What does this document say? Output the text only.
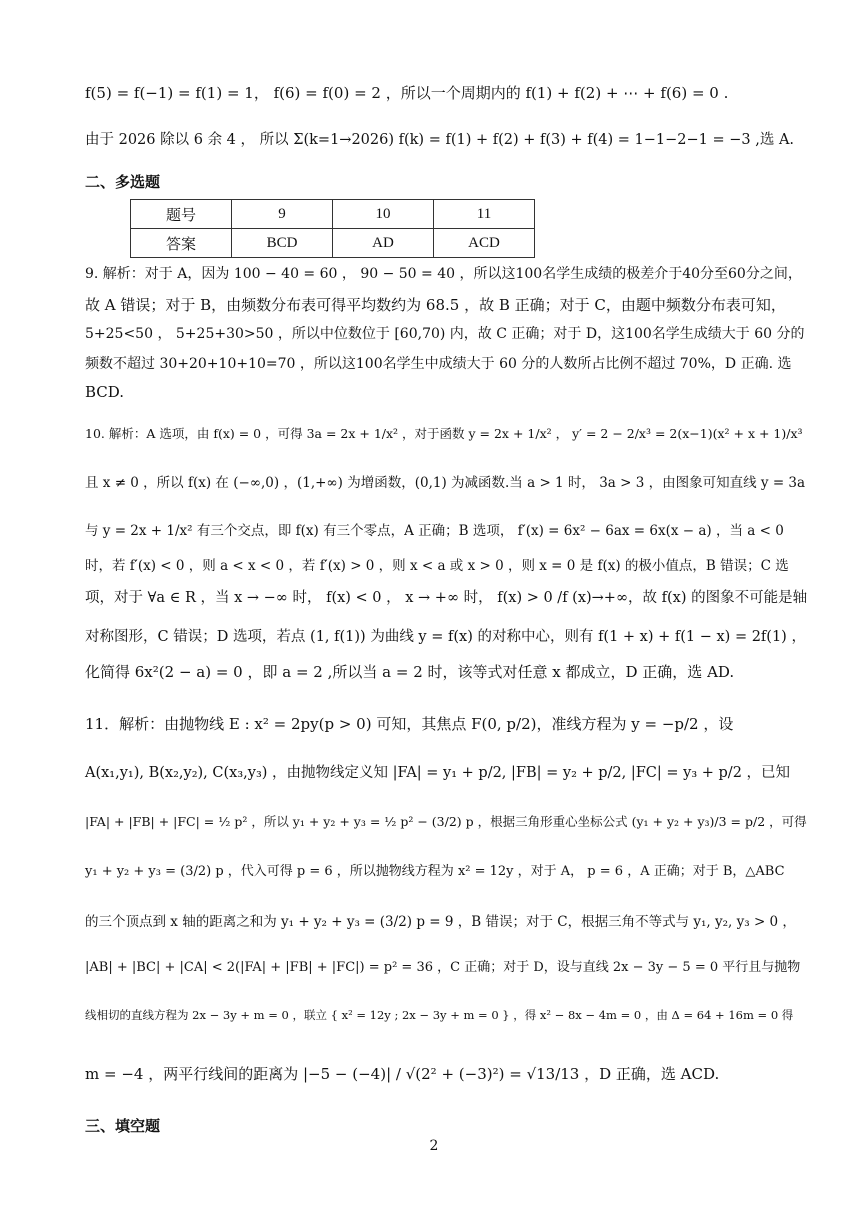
f(5) = f(−1) = f(1) = 1， f(6) = f(0) = 2 ，所以一个周期内的 f(1) + f(2) + ⋯ + f(6) = 0 .
由于 2026 除以 6 余 4 ， 所以 Σ(k=1→2026) f(k) = f(1) + f(2) + f(3) + f(4) = 1−1−2−1 = −3 ,选 A.
二、多选题
题号	9	10	11
答案	BCD	AD	ACD
9. 解析：对于 A，因为 100 − 40 = 60 ， 90 − 50 = 40 ，所以这100名学生成绩的极差介于40分至60分之间，
故 A 错误；对于 B，由频数分布表可得平均数约为 68.5 ，故 B 正确；对于 C，由题中频数分布表可知，
5+25<50 ， 5+25+30>50 ，所以中位数位于 [60,70) 内，故 C 正确；对于 D，这100名学生成绩大于 60 分的
频数不超过 30+20+10+10=70 ，所以这100名学生中成绩大于 60 分的人数所占比例不超过 70%，D 正确. 选
BCD.
10. 解析：A 选项，由 f(x) = 0 ，可得 3a = 2x + 1/x² ，对于函数 y = 2x + 1/x² ， y′ = 2 − 2/x³ = 2(x−1)(x² + x + 1)/x³
且 x ≠ 0 ，所以 f(x) 在 (−∞,0) ，(1,+∞) 为增函数，(0,1) 为减函数.当 a > 1 时， 3a > 3 ，由图象可知直线 y = 3a
与 y = 2x + 1/x² 有三个交点，即 f(x) 有三个零点，A 正确；B 选项， f′(x) = 6x² − 6ax = 6x(x − a) ，当 a < 0
时，若 f′(x) < 0 ，则 a < x < 0 ，若 f′(x) > 0 ，则 x < a 或 x > 0 ，则 x = 0 是 f(x) 的极小值点，B 错误；C 选
项，对于 ∀a ∈ R ，当 x → −∞ 时， f(x) < 0 ， x → +∞ 时， f(x) > 0 /f (x)→+∞，故 f(x) 的图象不可能是轴
对称图形，C 错误；D 选项，若点 (1, f(1)) 为曲线 y = f(x) 的对称中心，则有 f(1 + x) + f(1 − x) = 2f(1) ，
化简得 6x²(2 − a) = 0 ，即 a = 2 ,所以当 a = 2 时，该等式对任意 x 都成立，D 正确，选 AD.
11．解析：由抛物线 E : x² = 2py(p > 0) 可知，其焦点 F(0, p/2)，准线方程为 y = −p/2 ，设
A(x₁,y₁), B(x₂,y₂), C(x₃,y₃) ，由抛物线定义知 |FA| = y₁ + p/2, |FB| = y₂ + p/2, |FC| = y₃ + p/2 ，已知
|FA| + |FB| + |FC| = ½ p² ，所以 y₁ + y₂ + y₃ = ½ p² − (3/2) p ，根据三角形重心坐标公式 (y₁ + y₂ + y₃)/3 = p/2 ，可得
y₁ + y₂ + y₃ = (3/2) p ，代入可得 p = 6 ，所以抛物线方程为 x² = 12y ，对于 A， p = 6 ，A 正确；对于 B，△ABC
的三个顶点到 x 轴的距离之和为 y₁ + y₂ + y₃ = (3/2) p = 9 ，B 错误；对于 C，根据三角不等式与 y₁, y₂, y₃ > 0 ，
|AB| + |BC| + |CA| < 2(|FA| + |FB| + |FC|) = p² = 36 ，C 正确；对于 D，设与直线 2x − 3y − 5 = 0 平行且与抛物
线相切的直线方程为 2x − 3y + m = 0 ，联立 { x² = 12y ; 2x − 3y + m = 0 } ，得 x² − 8x − 4m = 0 ，由 Δ = 64 + 16m = 0 得
m = −4 ，两平行线间的距离为 |−5 − (−4)| / √(2² + (−3)²) = √13/13 ，D 正确，选 ACD.
三、填空题
2
